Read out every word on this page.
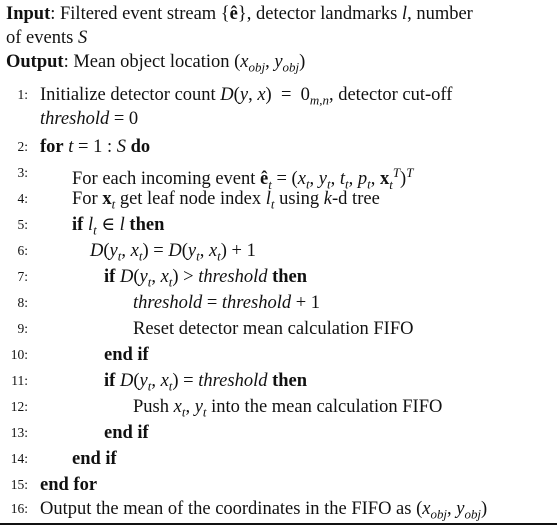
Input: Filtered event stream {ê}, detector landmarks l, number
of events S
Output: Mean object location ($x_{obj}$, $y_{obj}$)
1: Initialize detector count D(y, $x) = 0_{m,n}$, detector cut-off
threshold = 0
2: for t = 1 : S do
3: For each incoming event $ê_t = (x_t$, $y_t$, $t_t$, $p_t$, $x_t^T)^T$
4: For $x_t$ get leaf node index $l_t$ using k-d tree
5: if $l_t$ ∈ l then
6:	$D(y_t$, $x_t) = D(y_t$, $x_t) + 1$
7:	if $D(y_t$, $x_t$) > threshold then
8:	threshold = threshold + 1
9:	Reset detector mean calculation FIFO
10:	end if
11:	if $D(y_t$, $x_t$) = threshold then
12:	Push $x_t$, $y_t$ into the mean calculation FIFO
13:	end if
14: end if
15: end for
16: Output the mean of the coordinates in the FIFO as ($x_{obj}$, $y_{obj}$)
